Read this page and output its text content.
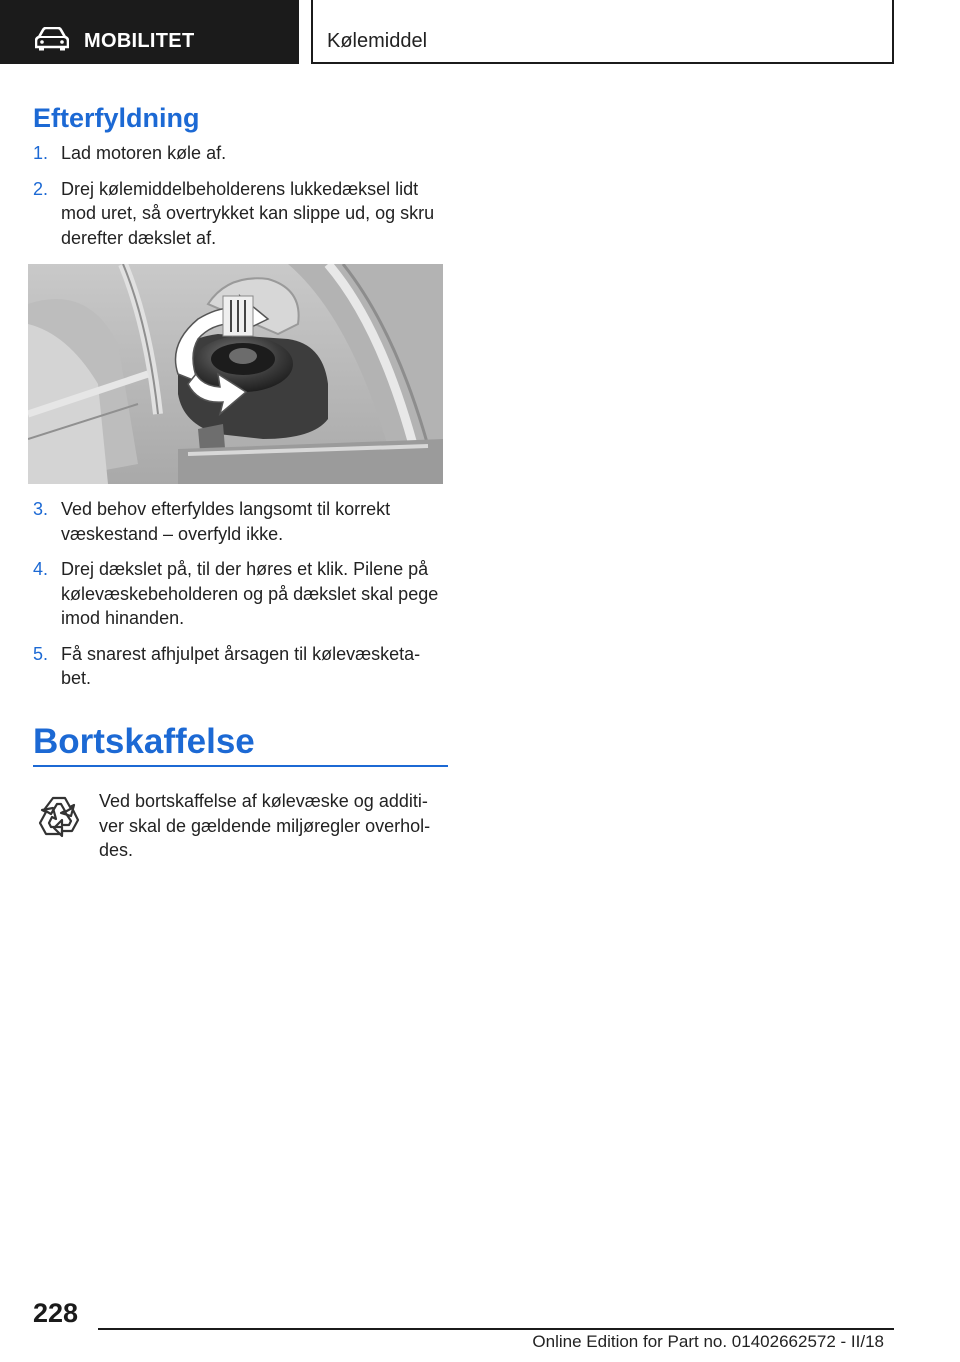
MOBILITET	Kølemiddel
Efterfyldning
1. Lad motoren køle af.
2. Drej kølemiddelbeholderens lukkedæksel lidt mod uret, så overtrykket kan slippe ud, og skru derefter dækslet af.
3. Ved behov efterfyldes langsomt til korrekt væskestand – overfyld ikke.
4. Drej dækslet på, til der høres et klik. Pilene på kølevæskebeholderen og på dækslet skal pege imod hinanden.
5. Få snarest afhjulpet årsagen til kølevæsketa‐bet.
Bortskaffelse
Ved bortskaffelse af kølevæske og additi‐ver skal de gældende miljøregler overhol‐des.
228
Online Edition for Part no. 01402662572 - II/18
